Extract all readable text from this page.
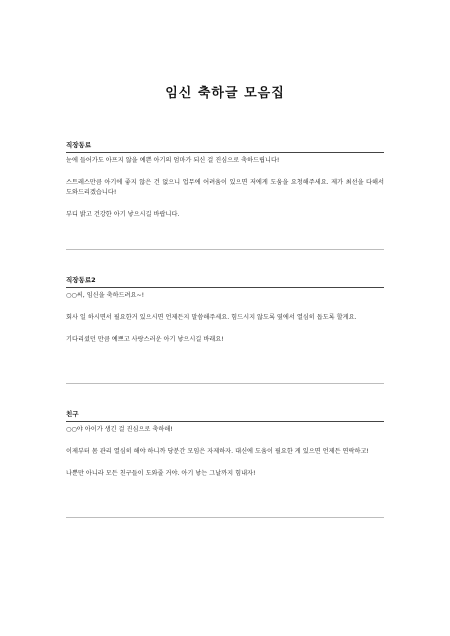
임신 축하글 모음집
직장동료

눈에 들어가도 아프지 않을 예쁜 아기의 엄마가 되신 걸 진심으로 축하드립니다!

스트레스만큼 아기에 좋지 않은 건 없으니 업무에 어려움이 있으면 저에게 도움을 요청해주세요. 제가 최선을 다해서 도와드리겠습니다!

부디 밝고 건강한 아기 낳으시길 바랍니다.

직장동료2

○○씨, 임신을 축하드려요~!

회사 일 하시면서 필요한거 있으시면 언제든지 말씀해주세요. 힘드시지 않도록 옆에서 열심히 돕도록 할게요.

기다리셨던 만큼 예쁘고 사랑스러운 아기 낳으시길 바래요!

친구

○○야 아이가 생긴 걸 진심으로 축하해!

이제부터 몸 관리 열심히 해야 하니까 당분간 모임은 자제하자. 대신에 도움이 필요한 게 있으면 언제든 연락하고!

나뿐만 아니라 모든 친구들이 도와줄 거야. 아기 낳는 그날까지 힘내자!
